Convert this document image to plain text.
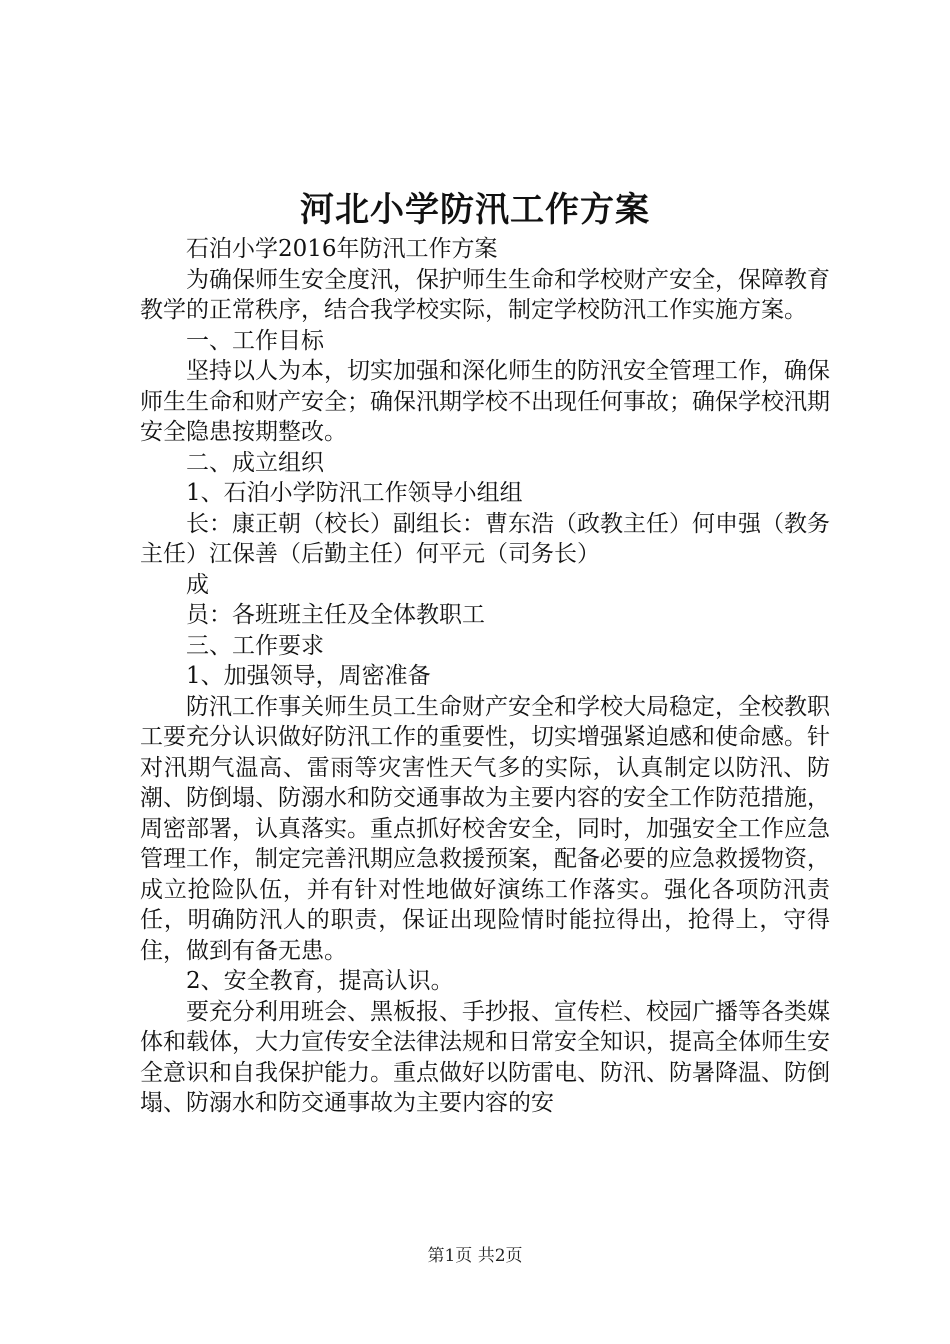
河北小学防汛工作方案

石泊小学2016年防汛工作方案

为确保师生安全度汛，保护师生生命和学校财产安全，保障教育教学的正常秩序，结合我学校实际，制定学校防汛工作实施方案。

一、工作目标

坚持以人为本，切实加强和深化师生的防汛安全管理工作，确保师生生命和财产安全；确保汛期学校不出现任何事故；确保学校汛期安全隐患按期整改。

二、成立组织

1、石泊小学防汛工作领导小组组

长：康正朝（校长）副组长：曹东浩（政教主任）何申强（教务主任）江保善（后勤主任）何平元（司务长）

成

员：各班班主任及全体教职工

三、工作要求

1、加强领导，周密准备

防汛工作事关师生员工生命财产安全和学校大局稳定，全校教职工要充分认识做好防汛工作的重要性，切实增强紧迫感和使命感。针对汛期气温高、雷雨等灾害性天气多的实际，认真制定以防汛、防潮、防倒塌、防溺水和防交通事故为主要内容的安全工作防范措施，周密部署，认真落实。重点抓好校舍安全，同时，加强安全工作应急管理工作，制定完善汛期应急救援预案，配备必要的应急救援物资，成立抢险队伍，并有针对性地做好演练工作落实。强化各项防汛责任，明确防汛人的职责，保证出现险情时能拉得出，抢得上，守得住，做到有备无患。

2、安全教育，提高认识。

要充分利用班会、黑板报、手抄报、宣传栏、校园广播等各类媒体和载体，大力宣传安全法律法规和日常安全知识，提高全体师生安全意识和自我保护能力。重点做好以防雷电、防汛、防暑降温、防倒塌、防溺水和防交通事故为主要内容的安

第1页 共2页
